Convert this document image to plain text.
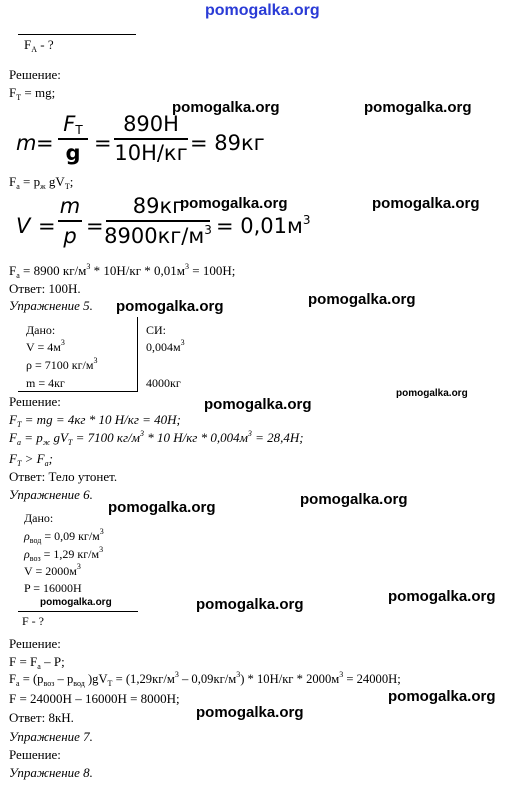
pomogalka.org
$F_A$ - ?
Решение:
$F_T$ = mg;
m =
$F_T$
g =
890Н
10Н/кг = 89кг
$F_a = p_ж$ $gV_T$;
V =
m
p =
89кг
$8900кг/м^3 = 0,01м^3$
$F_a = 8900$ $кг/м^3 * 10Н/кг * 0,01м^3 = 100Н$;
Ответ: 100Н.
Упражнение 5.
Дано:	СИ:
$V = 4м^3$	$0,004м^3$
ρ = 7100 $кг/м^3$
m = 4кг	4000кг
Решение:
$F_T$ = mg = 4кг * 10 Н/кг = 40Н;
$F_a = p_ж$ $gV_T = 7100$ $кг/м^3 * 10$ $Н/кг * 0,004м^3 = 28,4Н$;
$F_T > F_a$;
Ответ: Тело утонет.
Упражнение 6.
Дано:
$\rho_{вод} = 0,09$ $кг/м^3$
$\rho_{воз} = 1,29$ $кг/м^3$
$V = 2000м^3$
P = 16000Н
F - ?
Решение:
$F = F_a - P$;
$F_a = (p_{воз} - p_{вод}$ )$gV_T = (1,29кг/м^3 - 0,09кг/м^3) * 10Н/кг * 2000м^3 = 24000Н$;
F = 24000Н – 16000Н = 8000Н;
Ответ: 8кН.
Упражнение 7.
Решение:
Упражнение 8.
pomogalka.org	pomogalka.org
pomogalka.org	pomogalka.org
pomogalka.org	pomogalka.org
pomogalka.org
pomogalka.org
pomogalka.org	pomogalka.org
pomogalka.org	pomogalka.org	pomogalka.org
pomogalka.org
pomogalka.org
